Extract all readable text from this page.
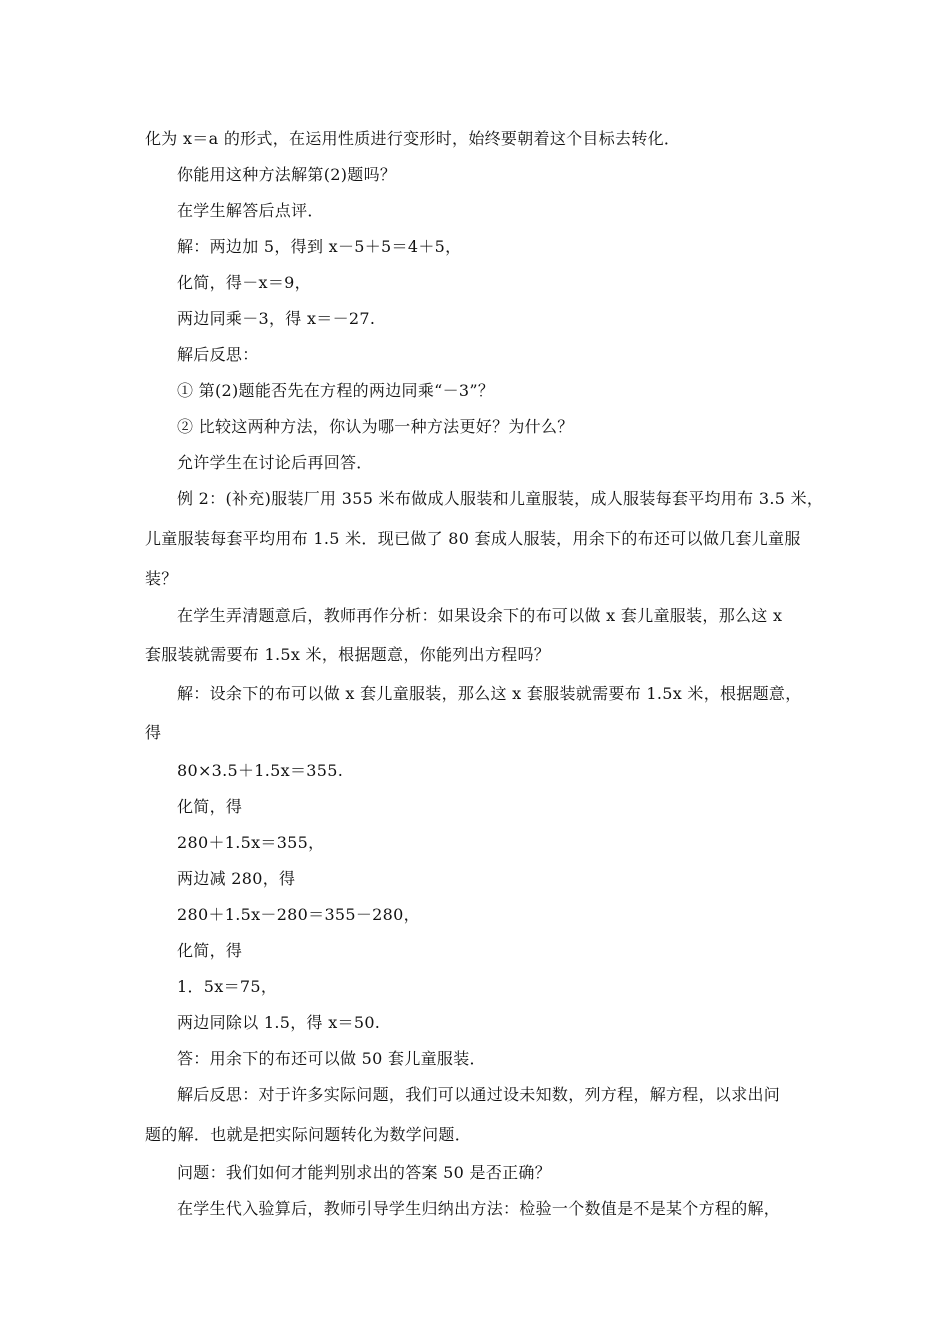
化为 x＝a 的形式，在运用性质进行变形时，始终要朝着这个目标去转化．
你能用这种方法解第(2)题吗？
在学生解答后点评．
解：两边加 5，得到 x－5＋5＝4＋5，
化简，得－x＝9，
两边同乘－3，得 x＝－27.
解后反思：
① 第(2)题能否先在方程的两边同乘“－3”？
② 比较这两种方法，你认为哪一种方法更好？为什么？
允许学生在讨论后再回答．
例 2：(补充)服装厂用 355 米布做成人服装和儿童服装，成人服装每套平均用布 3.5 米，
儿童服装每套平均用布 1.5 米．现已做了 80 套成人服装，用余下的布还可以做几套儿童服
装？
在学生弄清题意后，教师再作分析：如果设余下的布可以做 x 套儿童服装，那么这 x
套服装就需要布 1.5x 米，根据题意，你能列出方程吗？
解：设余下的布可以做 x 套儿童服装，那么这 x 套服装就需要布 1.5x 米，根据题意，
得
80×3.5＋1.5x＝355.
化简，得
280＋1.5x＝355，
两边减 280，得
280＋1.5x－280＝355－280，
化简，得
1．5x＝75，
两边同除以 1.5，得 x＝50.
答：用余下的布还可以做 50 套儿童服装．
解后反思：对于许多实际问题，我们可以通过设未知数，列方程，解方程，以求出问
题的解．也就是把实际问题转化为数学问题．
问题：我们如何才能判别求出的答案 50 是否正确？
在学生代入验算后，教师引导学生归纳出方法：检验一个数值是不是某个方程的解，
